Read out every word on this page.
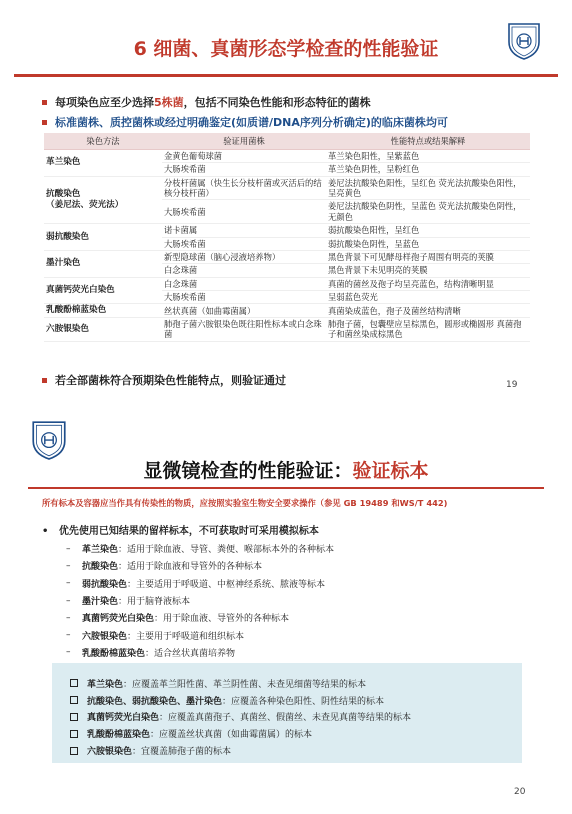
6 细菌、真菌形态学检查的性能验证
每项染色应至少选择5株菌，包括不同染色性能和形态特征的菌株
标准菌株、质控菌株或经过明确鉴定(如质谱/DNA序列分析确定)的临床菌株均可
染色方法	验证用菌株	性能特点或结果解释
革兰染色	金黄色葡萄球菌	革兰染色阳性，呈紫蓝色
	大肠埃希菌	革兰染色阴性，呈粉红色

抗酸染色
（姜尼法、荧光法）	分枝杆菌属（快生长分枝杆菌或灭活后的结核分枝杆菌）	姜尼法抗酸染色阳性，呈红色 荧光法抗酸染色阳性，呈亮黄色
	大肠埃希菌	姜尼法抗酸染色阴性，呈蓝色 荧光法抗酸染色阴性，无颜色
弱抗酸染色	诺卡菌属	弱抗酸染色阳性，呈红色
	大肠埃希菌	弱抗酸染色阴性，呈蓝色
墨汁染色	新型隐球菌（脑心浸液培养物）	黑色背景下可见酵母样孢子周围有明亮的荚膜
	白念珠菌	黑色背景下未见明亮的荚膜
真菌钙荧光白染色	白念珠菌	真菌的菌丝及孢子均呈亮蓝色，结构清晰明显
	大肠埃希菌	呈弱蓝色荧光
乳酸酚棉蓝染色	丝状真菌（如曲霉菌属）	真菌染成蓝色，孢子及菌丝结构清晰
六胺银染色	肺孢子菌六胺银染色既往阳性标本或白念珠菌	肺孢子菌，包囊壁应呈棕黑色，圆形或椭圆形 真菌孢子和菌丝染成棕黑色
若全部菌株符合预期染色性能特点，则验证通过	19
显微镜检查的性能验证：验证标本
所有标本及容器应当作具有传染性的物质，应按照实验室生物安全要求操作（参见 GB 19489 和WS/T 442)
•   优先使用已知结果的留样标本，不可获取时可采用模拟标本
–	革兰染色 ：适用于除血液、导管、粪便、喉部标本外的各种标本
–	抗酸染色 ：适用于除血液和导管外的各种标本
–	弱抗酸染色 ：主要适用于呼吸道、中枢神经系统、脓液等标本
–	墨汁染色 ：用于脑脊液标本
–	真菌钙荧光白染色 ：用于除血液、导管外的各种标本
–	六胺银染色 ：主要用于呼吸道和组织标本
–	乳酸酚棉蓝染色 ：适合丝状真菌培养物
革兰染色 ：应覆盖革兰阳性菌、革兰阴性菌、未查见细菌等结果的标本
抗酸染色、弱抗酸染色、墨汁染色 ：应覆盖各种染色阳性、阴性结果的标本
真菌钙荧光白染色 ：应覆盖真菌孢子、真菌丝、假菌丝、未查见真菌等结果的标本
乳酸酚棉蓝染色 ：应覆盖丝状真菌（如曲霉菌属）的标本
六胺银染色 ：宜覆盖肺孢子菌的标本
20
